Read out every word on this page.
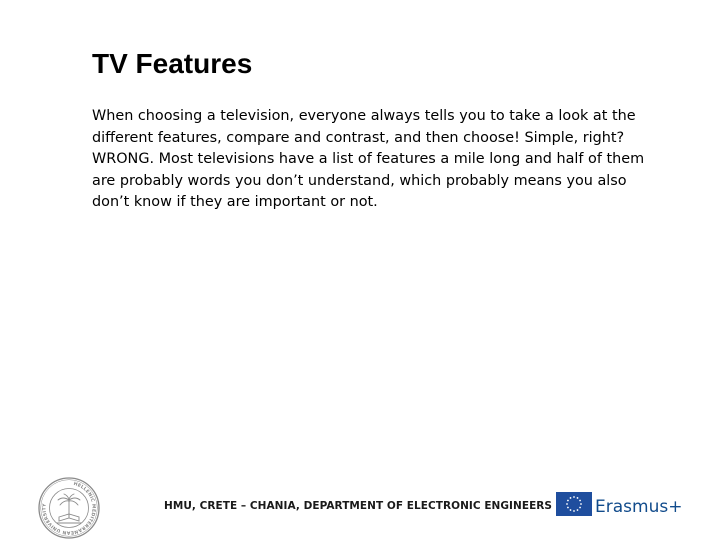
TV Features

When choosing a television, everyone always tells you to take a look at the different features, compare and contrast, and then choose! Simple, right? WRONG. Most televisions have a list of features a mile long and half of them are probably words you don’t understand, which probably means you also don’t know if they are important or not.

HELLENIC MEDITERRANEAN UNIVERSITY	HMU, CRETE – CHANIA, DEPARTMENT OF ELECTRONIC ENGINEERS	Erasmus+
